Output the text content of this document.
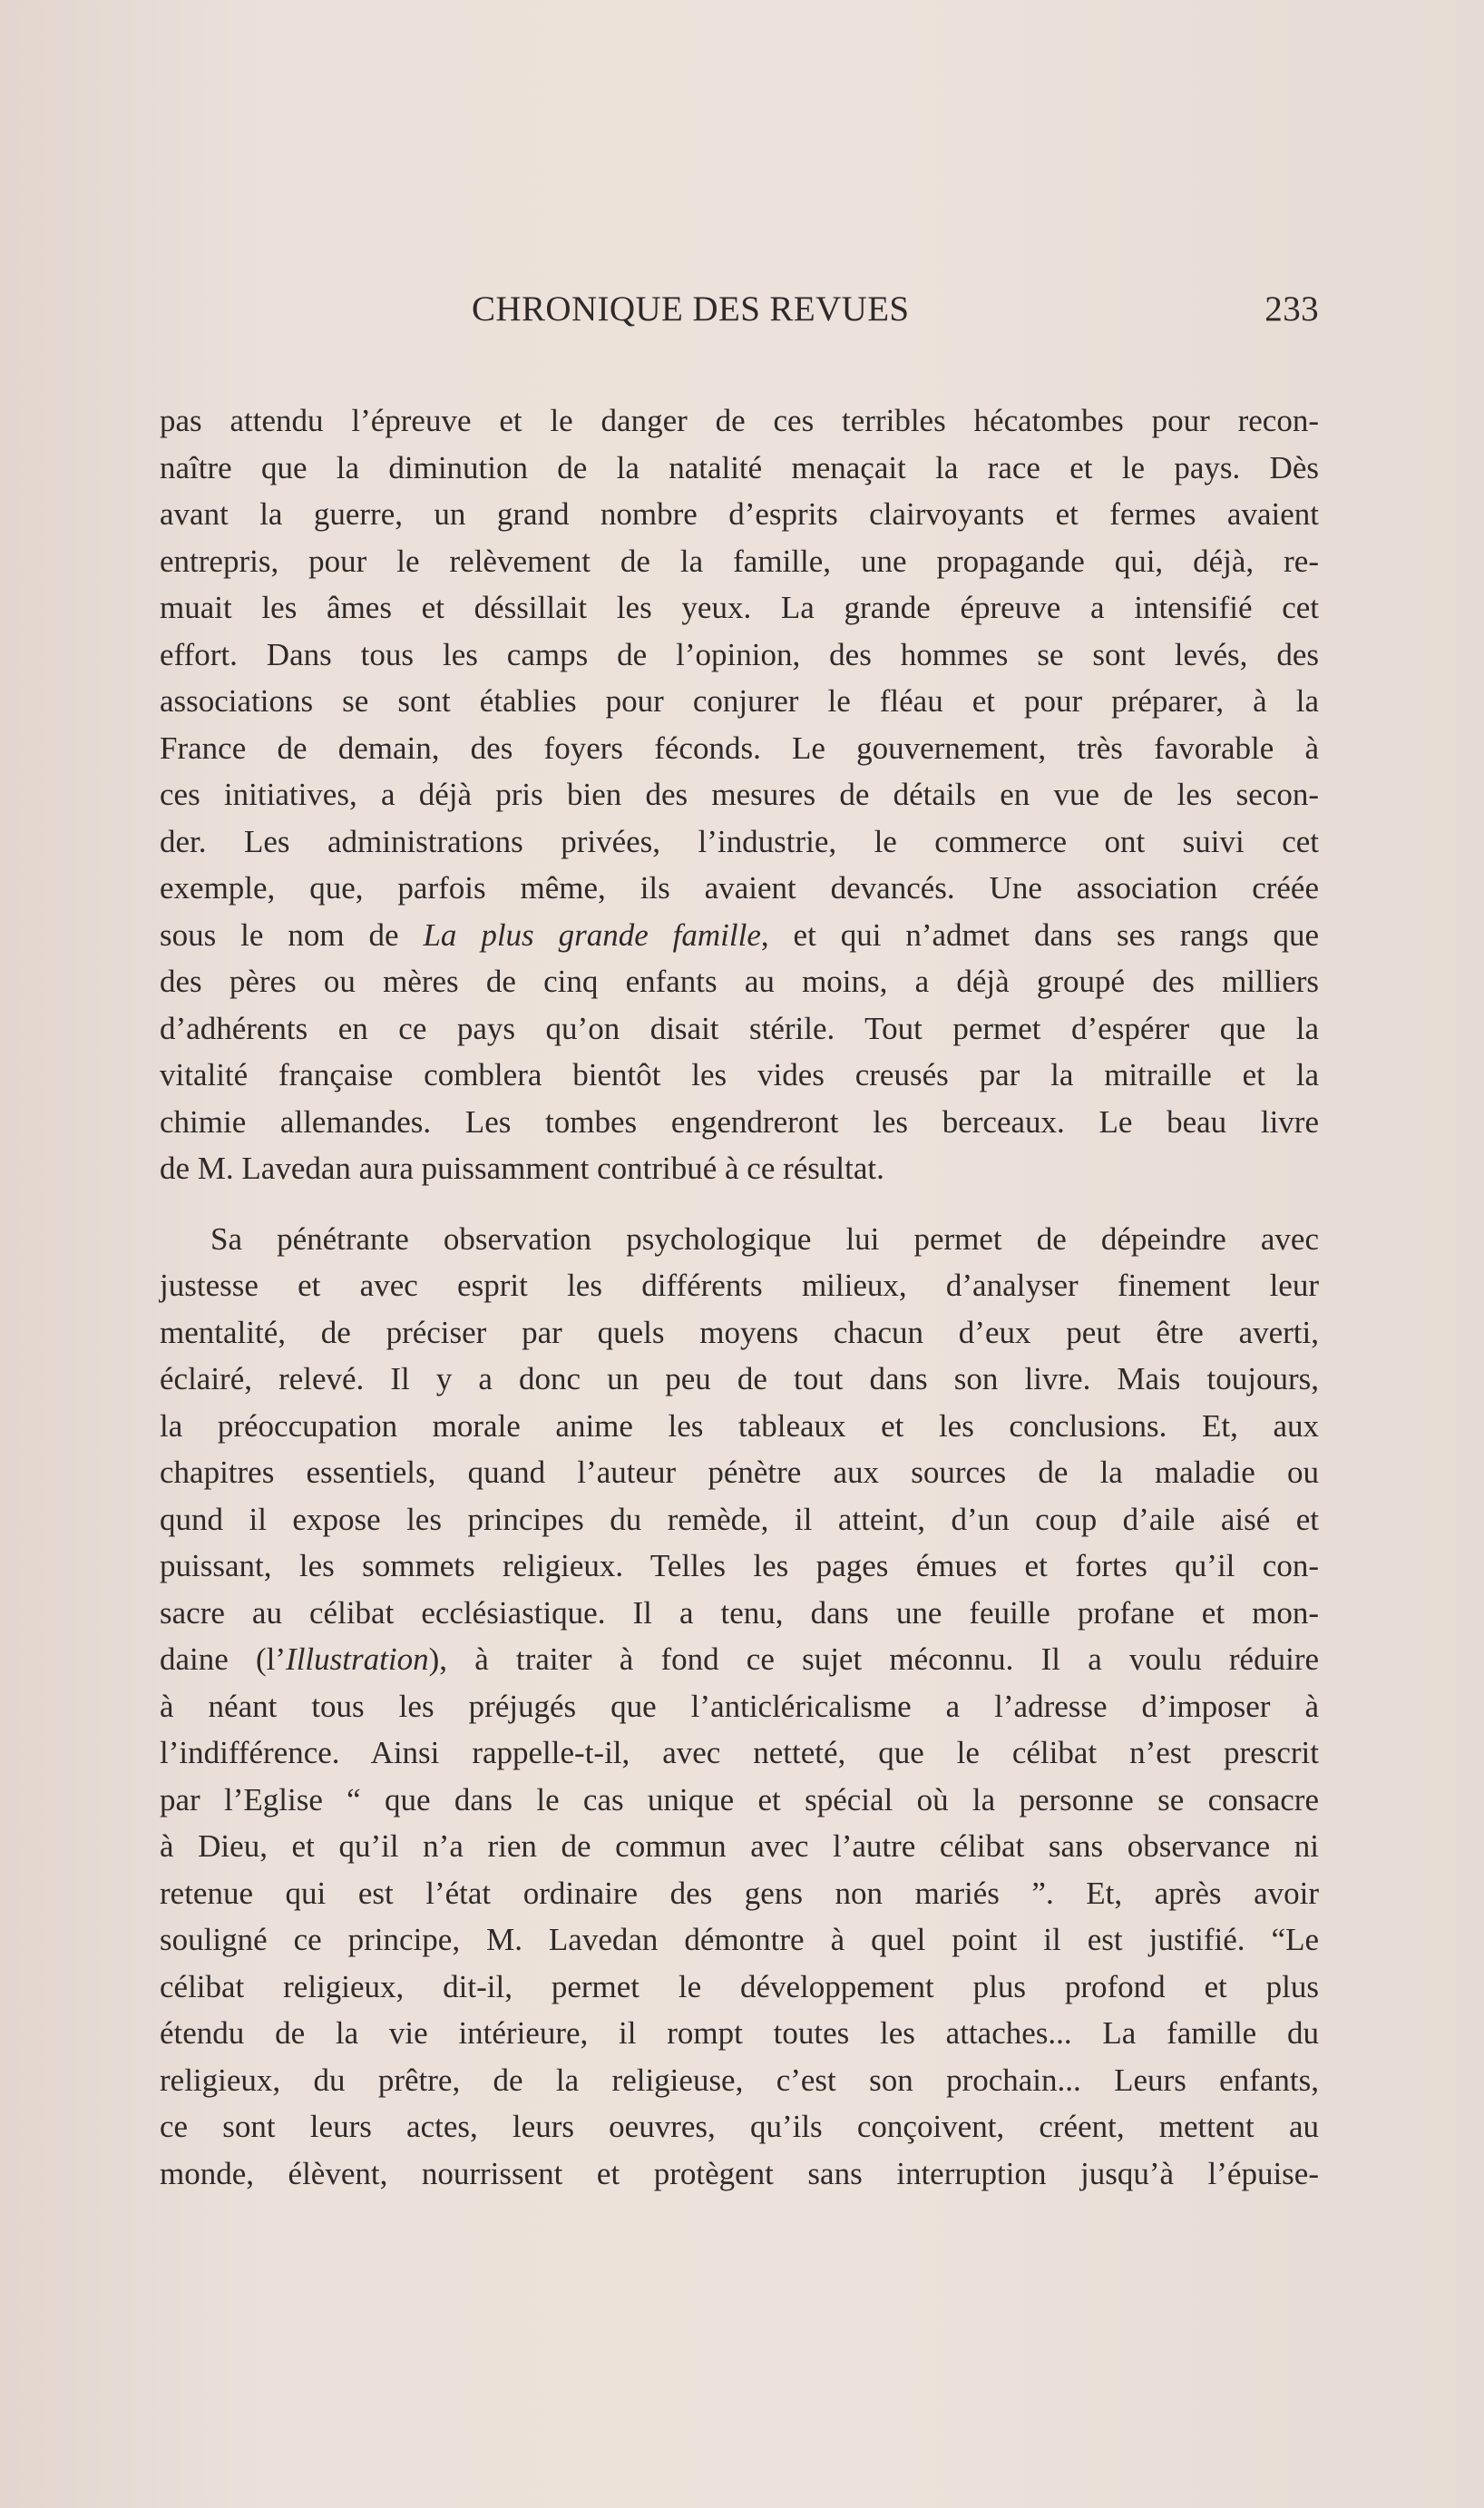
CHRONIQUE DES REVUES	233
pas attendu l’épreuve et le danger de ces terribles hécatombes pour recon-
naître que la diminution de la natalité menaçait la race et le pays. Dès
avant la guerre, un grand nombre d’esprits clairvoyants et fermes avaient
entrepris, pour le relèvement de la famille, une propagande qui, déjà, re-
muait les âmes et déssillait les yeux. La grande épreuve a intensifié cet
effort. Dans tous les camps de l’opinion, des hommes se sont levés, des
associations se sont établies pour conjurer le fléau et pour préparer, à la
France de demain, des foyers féconds. Le gouvernement, très favorable à
ces initiatives, a déjà pris bien des mesures de détails en vue de les secon-
der. Les administrations privées, l’industrie, le commerce ont suivi cet
exemple, que, parfois même, ils avaient devancés. Une association créée
sous le nom de La plus grande famille, et qui n’admet dans ses rangs que
des pères ou mères de cinq enfants au moins, a déjà groupé des milliers
d’adhérents en ce pays qu’on disait stérile. Tout permet d’espérer que la
vitalité française comblera bientôt les vides creusés par la mitraille et la
chimie allemandes. Les tombes engendreront les berceaux. Le beau livre
de M. Lavedan aura puissamment contribué à ce résultat.
Sa pénétrante observation psychologique lui permet de dépeindre avec
justesse et avec esprit les différents milieux, d’analyser finement leur
mentalité, de préciser par quels moyens chacun d’eux peut être averti,
éclairé, relevé. Il y a donc un peu de tout dans son livre. Mais toujours,
la préoccupation morale anime les tableaux et les conclusions. Et, aux
chapitres essentiels, quand l’auteur pénètre aux sources de la maladie ou
qund il expose les principes du remède, il atteint, d’un coup d’aile aisé et
puissant, les sommets religieux. Telles les pages émues et fortes qu’il con-
sacre au célibat ecclésiastique. Il a tenu, dans une feuille profane et mon-
daine (l’Illustration), à traiter à fond ce sujet méconnu. Il a voulu réduire
à néant tous les préjugés que l’anticléricalisme a l’adresse d’imposer à
l’indifférence. Ainsi rappelle-t-il, avec netteté, que le célibat n’est prescrit
par l’Eglise “ que dans le cas unique et spécial où la personne se consacre
à Dieu, et qu’il n’a rien de commun avec l’autre célibat sans observance ni
retenue qui est l’état ordinaire des gens non mariés ”. Et, après avoir
souligné ce principe, M. Lavedan démontre à quel point il est justifié. “Le
célibat religieux, dit-il, permet le développement plus profond et plus
étendu de la vie intérieure, il rompt toutes les attaches... La famille du
religieux, du prêtre, de la religieuse, c’est son prochain... Leurs enfants,
ce sont leurs actes, leurs oeuvres, qu’ils conçoivent, créent, mettent au
monde, élèvent, nourrissent et protègent sans interruption jusqu’à l’épuise-
